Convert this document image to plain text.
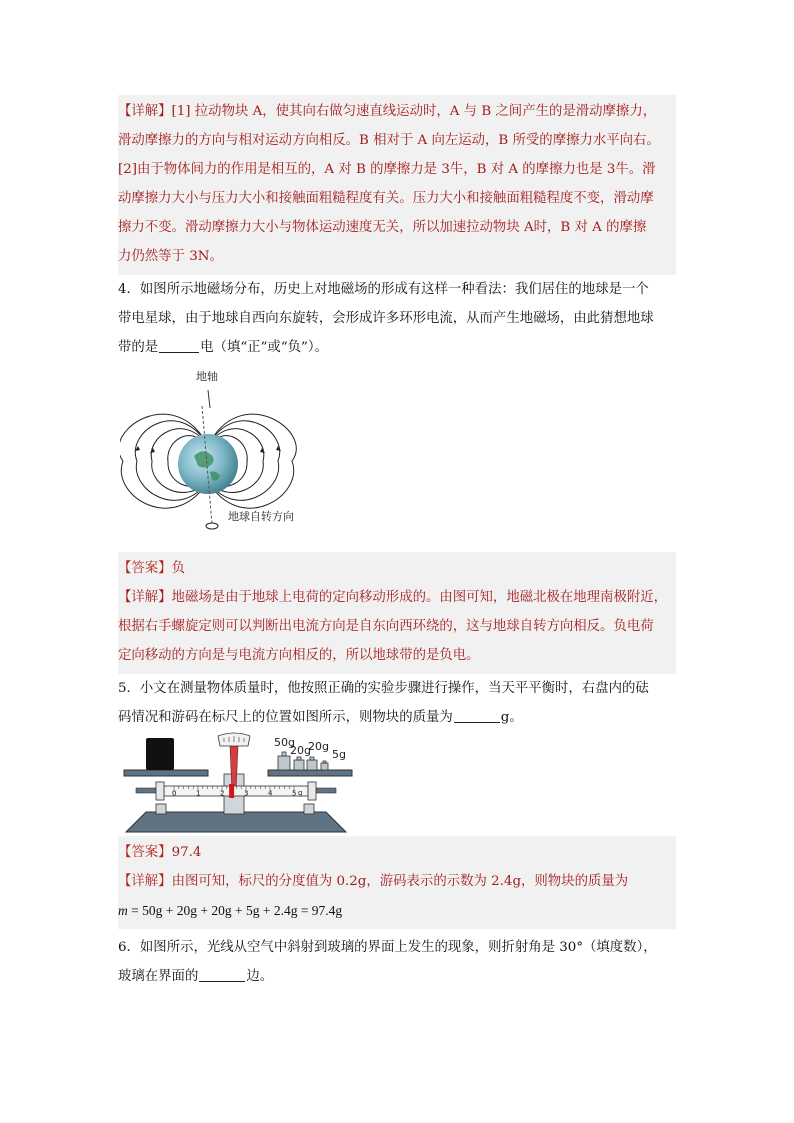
【详解】[1] 拉动物块 A，使其向右做匀速直线运动时，A 与 B 之间产生的是滑动摩擦力，
滑动摩擦力的方向与相对运动方向相反。B 相对于 A 向左运动，B 所受的摩擦力水平向右。
[2]由于物体间力的作用是相互的，A 对 B 的摩擦力是 3牛，B 对 A 的摩擦力也是 3牛。滑
动摩擦力大小与压力大小和接触面粗糙程度有关。压力大小和接触面粗糙程度不变，滑动摩
擦力不变。滑动摩擦力大小与物体运动速度无关，所以加速拉动物块 A时，B 对 A 的摩擦
力仍然等于 3N。
4．如图所示地磁场分布，历史上对地磁场的形成有这样一种看法：我们居住的地球是一个
带电星球，由于地球自西向东旋转，会形成许多环形电流，从而产生地磁场，由此猜想地球
带的是	电（填“正”或“负”）。
地轴
地球自转方向
【答案】负
【详解】地磁场是由于地球上电荷的定向移动形成的。由图可知，地磁北极在地理南极附近，
根据右手螺旋定则可以判断出电流方向是自东向西环绕的，这与地球自转方向相反。负电荷
定向移动的方向是与电流方向相反的，所以地球带的是负电。
5．小文在测量物体质量时，他按照正确的实验步骤进行操作，当天平平衡时，右盘内的砝
码情况和游码在标尺上的位置如图所示，则物块的质量为	g。
50g
20g
20g
5g
0	1	2	3	4	5 g
【答案】97.4
【详解】由图可知，标尺的分度值为 0.2g，游码表示的示数为 2.4g，则物块的质量为
m = 50g + 20g + 20g + 5g + 2.4g = 97.4g
6．如图所示，光线从空气中斜射到玻璃的界面上发生的现象，则折射角是 30°（填度数），
玻璃在界面的	边。
